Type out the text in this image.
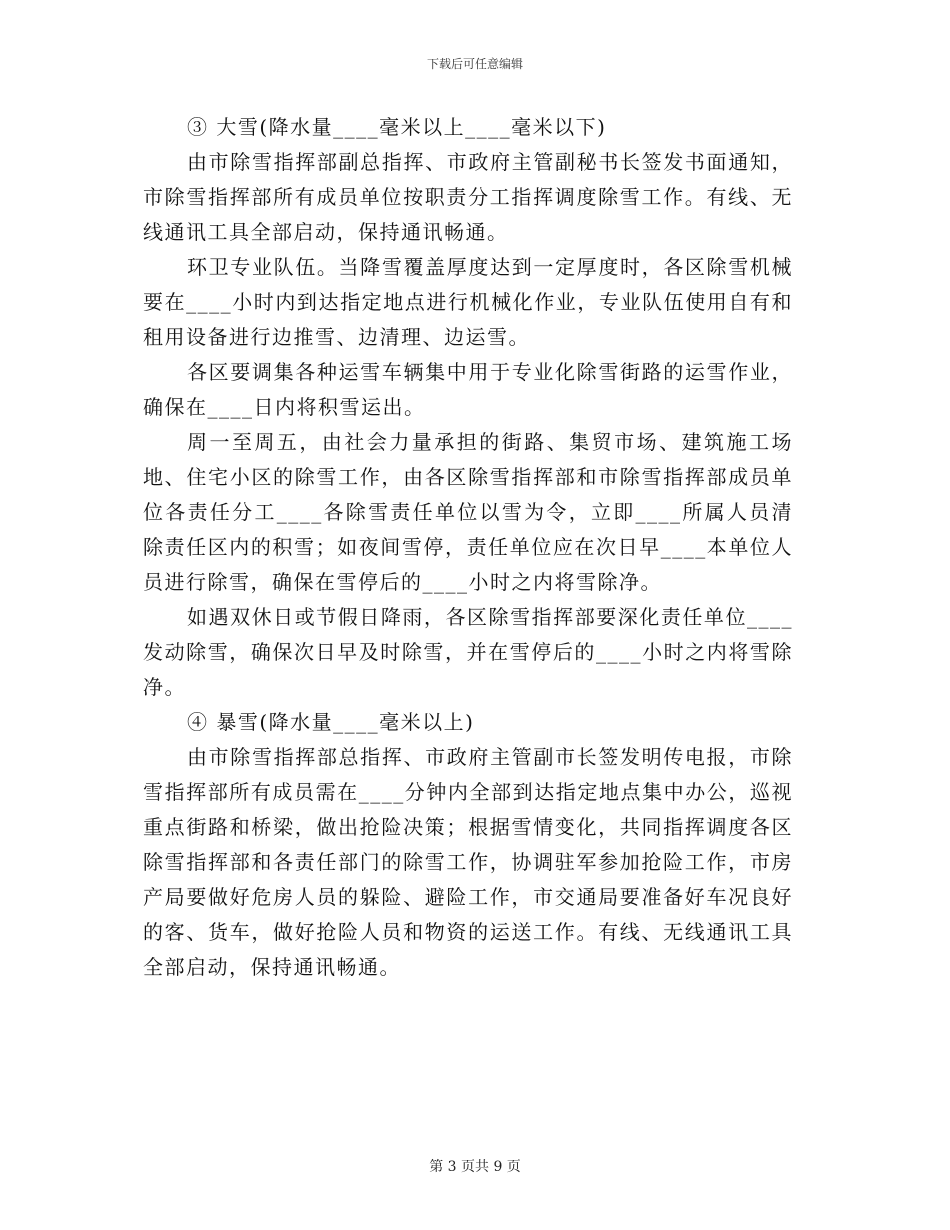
下载后可任意编辑

③ 大雪(降水量____毫米以上____毫米以下)

由市除雪指挥部副总指挥、市政府主管副秘书长签发书面通知，市除雪指挥部所有成员单位按职责分工指挥调度除雪工作。有线、无线通讯工具全部启动，保持通讯畅通。

环卫专业队伍。当降雪覆盖厚度达到一定厚度时，各区除雪机械要在____小时内到达指定地点进行机械化作业，专业队伍使用自有和租用设备进行边推雪、边清理、边运雪。

各区要调集各种运雪车辆集中用于专业化除雪街路的运雪作业，确保在____日内将积雪运出。

周一至周五，由社会力量承担的街路、集贸市场、建筑施工场地、住宅小区的除雪工作，由各区除雪指挥部和市除雪指挥部成员单位各责任分工____各除雪责任单位以雪为令，立即____所属人员清除责任区内的积雪；如夜间雪停，责任单位应在次日早____本单位人员进行除雪，确保在雪停后的____小时之内将雪除净。

如遇双休日或节假日降雨，各区除雪指挥部要深化责任单位____发动除雪，确保次日早及时除雪，并在雪停后的____小时之内将雪除净。

④ 暴雪(降水量____毫米以上)

由市除雪指挥部总指挥、市政府主管副市长签发明传电报，市除雪指挥部所有成员需在____分钟内全部到达指定地点集中办公，巡视重点街路和桥梁，做出抢险决策；根据雪情变化，共同指挥调度各区除雪指挥部和各责任部门的除雪工作，协调驻军参加抢险工作，市房产局要做好危房人员的躲险、避险工作，市交通局要准备好车况良好的客、货车，做好抢险人员和物资的运送工作。有线、无线通讯工具全部启动，保持通讯畅通。

第 3 页共 9 页
